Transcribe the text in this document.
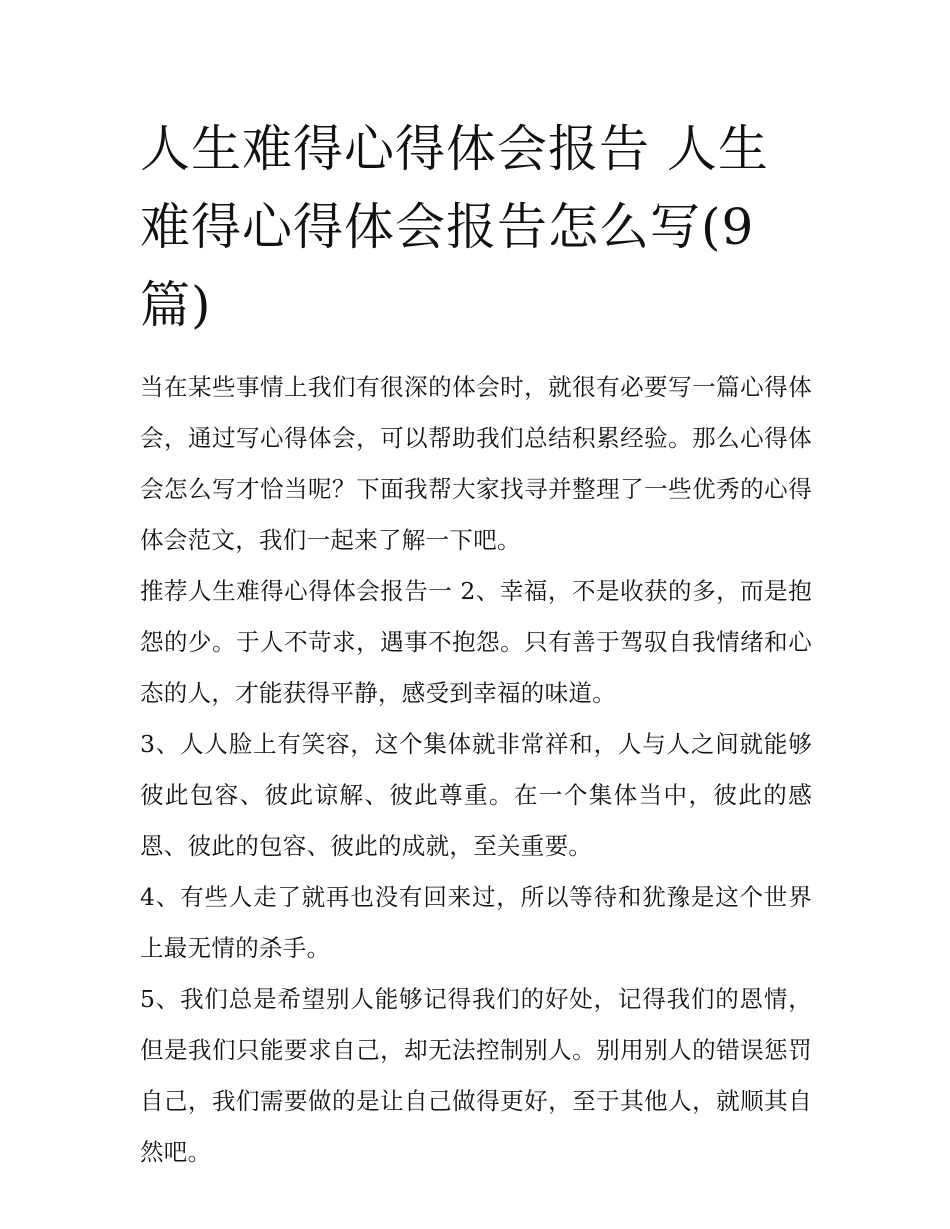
人生难得心得体会报告 人生难得心得体会报告怎么写(9篇)

当在某些事情上我们有很深的体会时，就很有必要写一篇心得体会，通过写心得体会，可以帮助我们总结积累经验。那么心得体会怎么写才恰当呢？下面我帮大家找寻并整理了一些优秀的心得体会范文，我们一起来了解一下吧。

推荐人生难得心得体会报告一 2、幸福，不是收获的多，而是抱怨的少。于人不苛求，遇事不抱怨。只有善于驾驭自我情绪和心态的人，才能获得平静，感受到幸福的味道。

3、人人脸上有笑容，这个集体就非常祥和，人与人之间就能够彼此包容、彼此谅解、彼此尊重。在一个集体当中，彼此的感恩、彼此的包容、彼此的成就，至关重要。

4、有些人走了就再也没有回来过，所以等待和犹豫是这个世界上最无情的杀手。

5、我们总是希望别人能够记得我们的好处，记得我们的恩情，但是我们只能要求自己，却无法控制别人。别用别人的错误惩罚自己，我们需要做的是让自己做得更好，至于其他人，就顺其自然吧。
